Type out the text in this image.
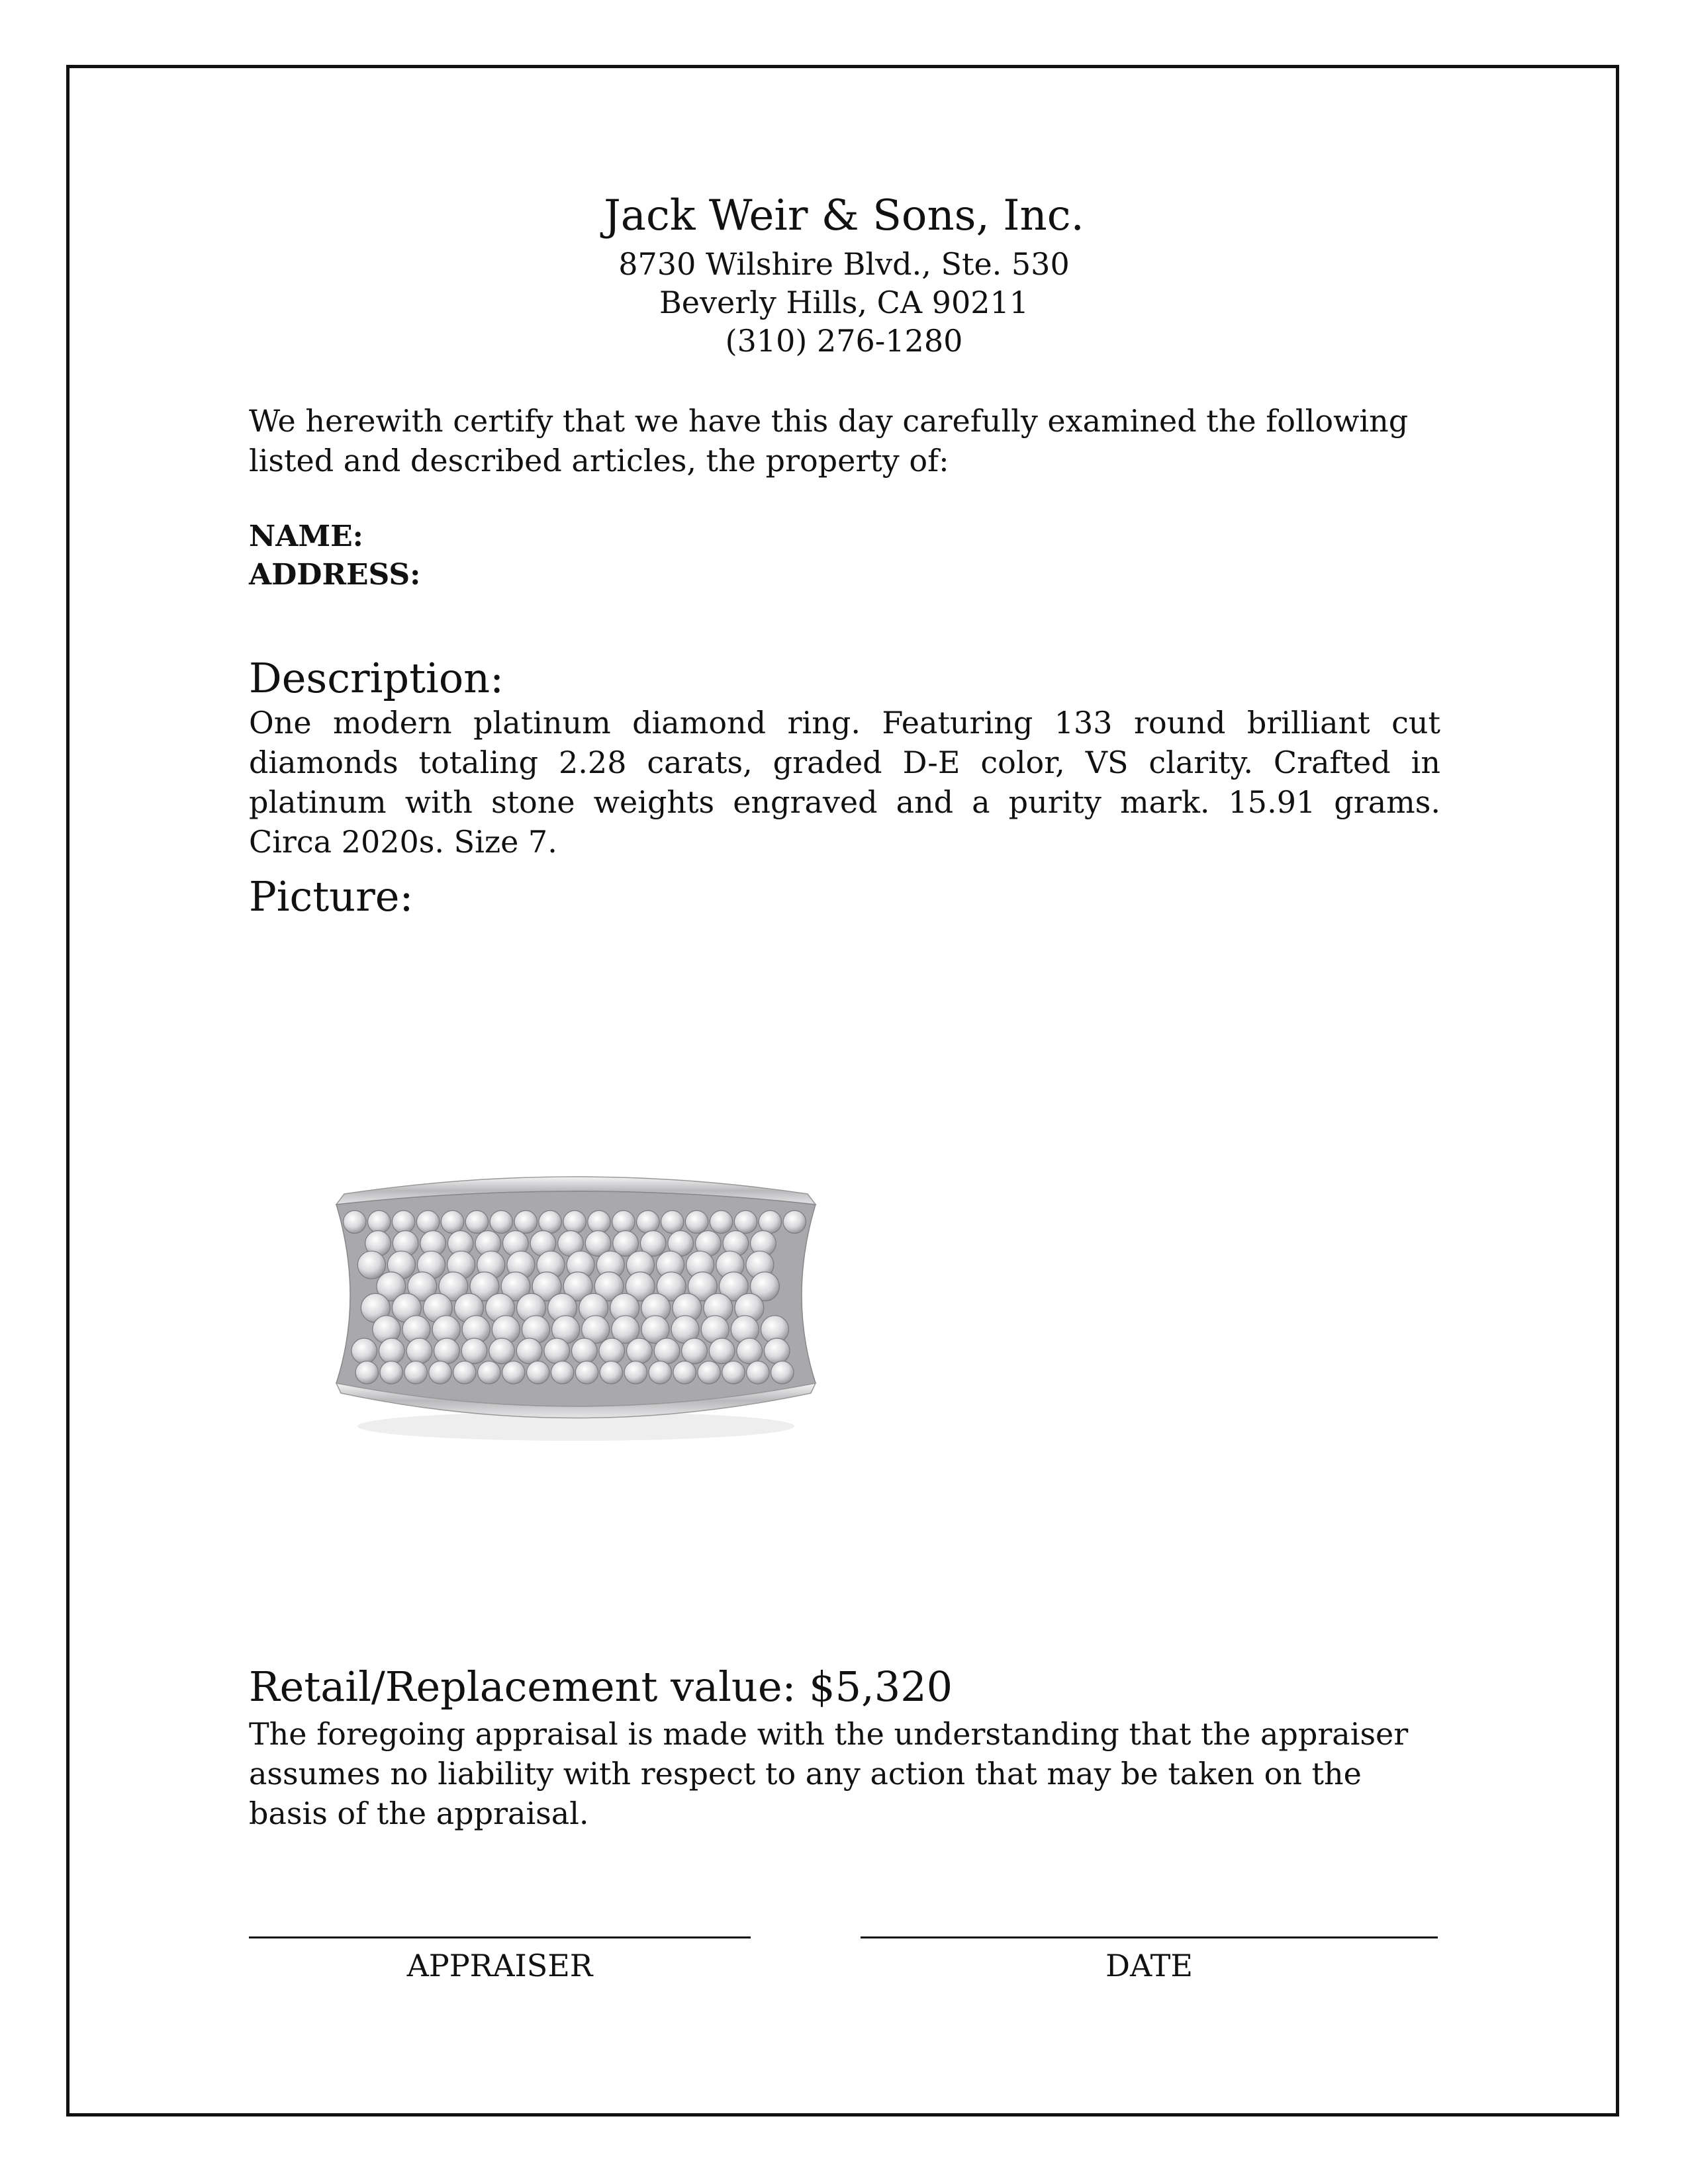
Jack Weir & Sons, Inc.
8730 Wilshire Blvd., Ste. 530
Beverly Hills, CA 90211
(310) 276-1280
We herewith certify that we have this day carefully examined the following listed and described articles, the property of:
NAME:
ADDRESS:
Description:
One modern platinum diamond ring. Featuring 133 round brilliant cut diamonds totaling 2.28 carats, graded D-E color, VS clarity. Crafted in platinum with stone weights engraved and a purity mark. 15.91 grams. Circa 2020s. Size 7.
Picture:
Retail/Replacement value: $5,320
The foregoing appraisal is made with the understanding that the appraiser assumes no liability with respect to any action that may be taken on the basis of the appraisal.
APPRAISER	DATE
